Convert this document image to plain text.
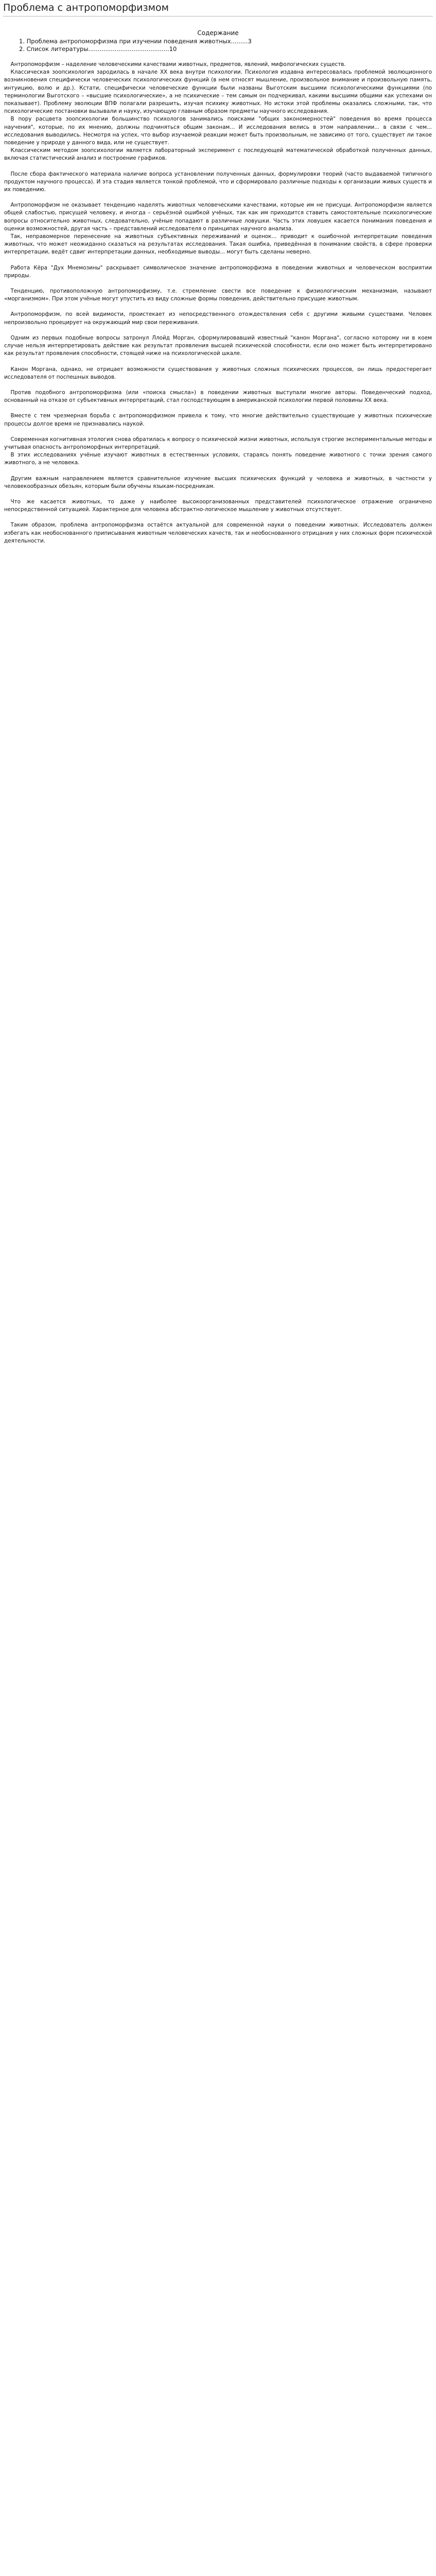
Проблема с антропоморфизмом
Содержание
1. Проблема антропоморфизма при изучении поведения животных.........3
2. Список литературы...........................................10

Антропоморфизм – наделение человеческими качествами животных, предметов, явлений, мифологических существ.

Классическая зоопсихология зародилась в начале XX века внутри психологии. Психология издавна интересовалась проблемой эволюционного возникновения специфически человеческих психологических функций (в нем относят мышление, произвольное внимание и произвольную память, интуицию, волю и др.). Кстати, специфически человеческие функции были названы Выготским высшими психологическими функциями (по терминологии Выготского – «высшие психологические», а не психические – тем самым он подчеркивал, какими высшими общими как успехами он показывает). Проблему эволюции ВПФ полагали разрешить, изучая психику животных. Но истоки этой проблемы оказались сложными, так, что психологические постановки вызывали и науку, изучающую главным образом предметы научного исследования.

В пору расцвета зоопсихологии большинство психологов занимались поисками "общих закономерностей" поведения во время процесса научения", которые, по их мнению, должны подчиняться общим законам... И исследования велись в этом направлении... в связи с чем... исследования выводились. Несмотря на успех, что выбор изучаемой реакции может быть произвольным, не зависимо от того, существует ли такое поведение у природе у данного вида, или не существует.

Классическим методом зоопсихологии является лабораторный эксперимент с последующей математической обработкой полученных данных, включая статистический анализ и построение графиков.

После сбора фактического материала наличие вопроса установлении полученных данных, формулировки теорий (часто выдаваемой типичного продуктом научного процесса). И эта стадия является тонкой проблемой, что и сформировало различные подходы к организации живых существ и их поведению.

Антропоморфизм не оказывает тенденцию наделять животных человеческими качествами, которые им не присущи. Антропоморфизм является общей слабостью, присущей человеку, и иногда – серьёзной ошибкой учёных, так как им приходится ставить самостоятельные психологические вопросы относительно животных, следовательно, учёные попадают в различные ловушки. Часть этих ловушек касается понимания поведения и оценки возможностей, другая часть – представлений исследователя о принципах научного анализа.

Так, неправомерное перенесение на животных субъективных переживаний и оценок... приводит к ошибочной интерпретации поведения животных, что может неожиданно сказаться на результатах исследования. Такая ошибка, приведённая в понимании свойств, в сфере проверки интерпретации, ведёт сдвиг интерпретации данных, необходимые выводы... могут быть сделаны неверно.

Работа Кёра "Дух Мнемозины" раскрывает символическое значение антропоморфизма в поведении животных и человеческом восприятии природы.

Тенденцию, противоположную антропоморфизму, т.е. стремление свести все поведение к физиологическим механизмам, называют «морганизмом». При этом учёные могут упустить из виду сложные формы поведения, действительно присущие животным.

Антропоморфизм, по всей видимости, проистекает из непосредственного отождествления себя с другими живыми существами. Человек непроизвольно проецирует на окружающий мир свои переживания.

Одним из первых подобные вопросы затронул Ллойд Морган, сформулировавший известный "канон Моргана", согласно которому ни в коем случае нельзя интерпретировать действие как результат проявления высшей психической способности, если оно может быть интерпретировано как результат проявления способности, стоящей ниже на психологической шкале.

Канон Моргана, однако, не отрицает возможности существования у животных сложных психических процессов, он лишь предостерегает исследователя от поспешных выводов.

Против подобного антропоморфизма (или «поиска смысла») в поведении животных выступали многие авторы. Поведенческий подход, основанный на отказе от субъективных интерпретаций, стал господствующим в американской психологии первой половины XX века.

Вместе с тем чрезмерная борьба с антропоморфизмом привела к тому, что многие действительно существующие у животных психические процессы долгое время не признавались наукой.

Современная когнитивная этология снова обратилась к вопросу о психической жизни животных, используя строгие экспериментальные методы и учитывая опасность антропоморфных интерпретаций.

В этих исследованиях учёные изучают животных в естественных условиях, стараясь понять поведение животного с точки зрения самого животного, а не человека.

Другим важным направлением является сравнительное изучение высших психических функций у человека и животных, в частности у человекообразных обезьян, которым были обучены языкам-посредникам.

Что же касается животных, то даже у наиболее высокоорганизованных представителей психологическое отражение ограничено непосредственной ситуацией. Характерное для человека абстрактно-логическое мышление у животных отсутствует.

Таким образом, проблема антропоморфизма остаётся актуальной для современной науки о поведении животных. Исследователь должен избегать как необоснованного приписывания животным человеческих качеств, так и необоснованного отрицания у них сложных форм психической деятельности.
